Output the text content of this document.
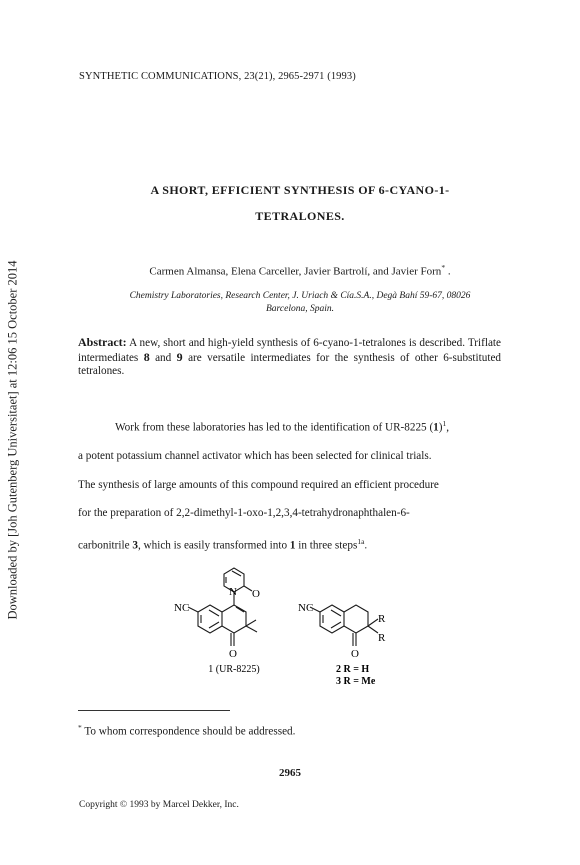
Downloaded by [Joh Gutenberg Universitaet] at 12:06 15 October 2014
SYNTHETIC COMMUNICATIONS, 23(21), 2965-2971 (1993)
A SHORT, EFFICIENT SYNTHESIS OF 6-CYANO-1-
TETRALONES.
Carmen Almansa, Elena Carceller, Javier Bartrolí, and Javier Forn* .
Chemistry Laboratories, Research Center, J. Uriach & Cía.S.A., Degà Bahí 59-67, 08026
Barcelona, Spain.
Abstract: A new, short and high-yield synthesis of 6-cyano-1-tetralones is described. Triflate intermediates 8 and 9 are versatile intermediates for the synthesis of other 6-substituted tetralones.
Work from these laboratories has led to the identification of UR-8225 $(1)^1$,
a potent potassium channel activator which has been selected for clinical trials.
The synthesis of large amounts of this compound required an efficient procedure
for the preparation of 2,2-dimethyl-1-oxo-1,2,3,4-tetrahydronaphthalen-6-
carbonitrile 3, which is easily transformed into 1 in three steps$^{1a}$.
NC
N O
O
1 (UR-8225)
NC
R
R
O
2 R = H
3 R = Me
* To whom correspondence should be addressed.
2965
Copyright © 1993 by Marcel Dekker, Inc.
